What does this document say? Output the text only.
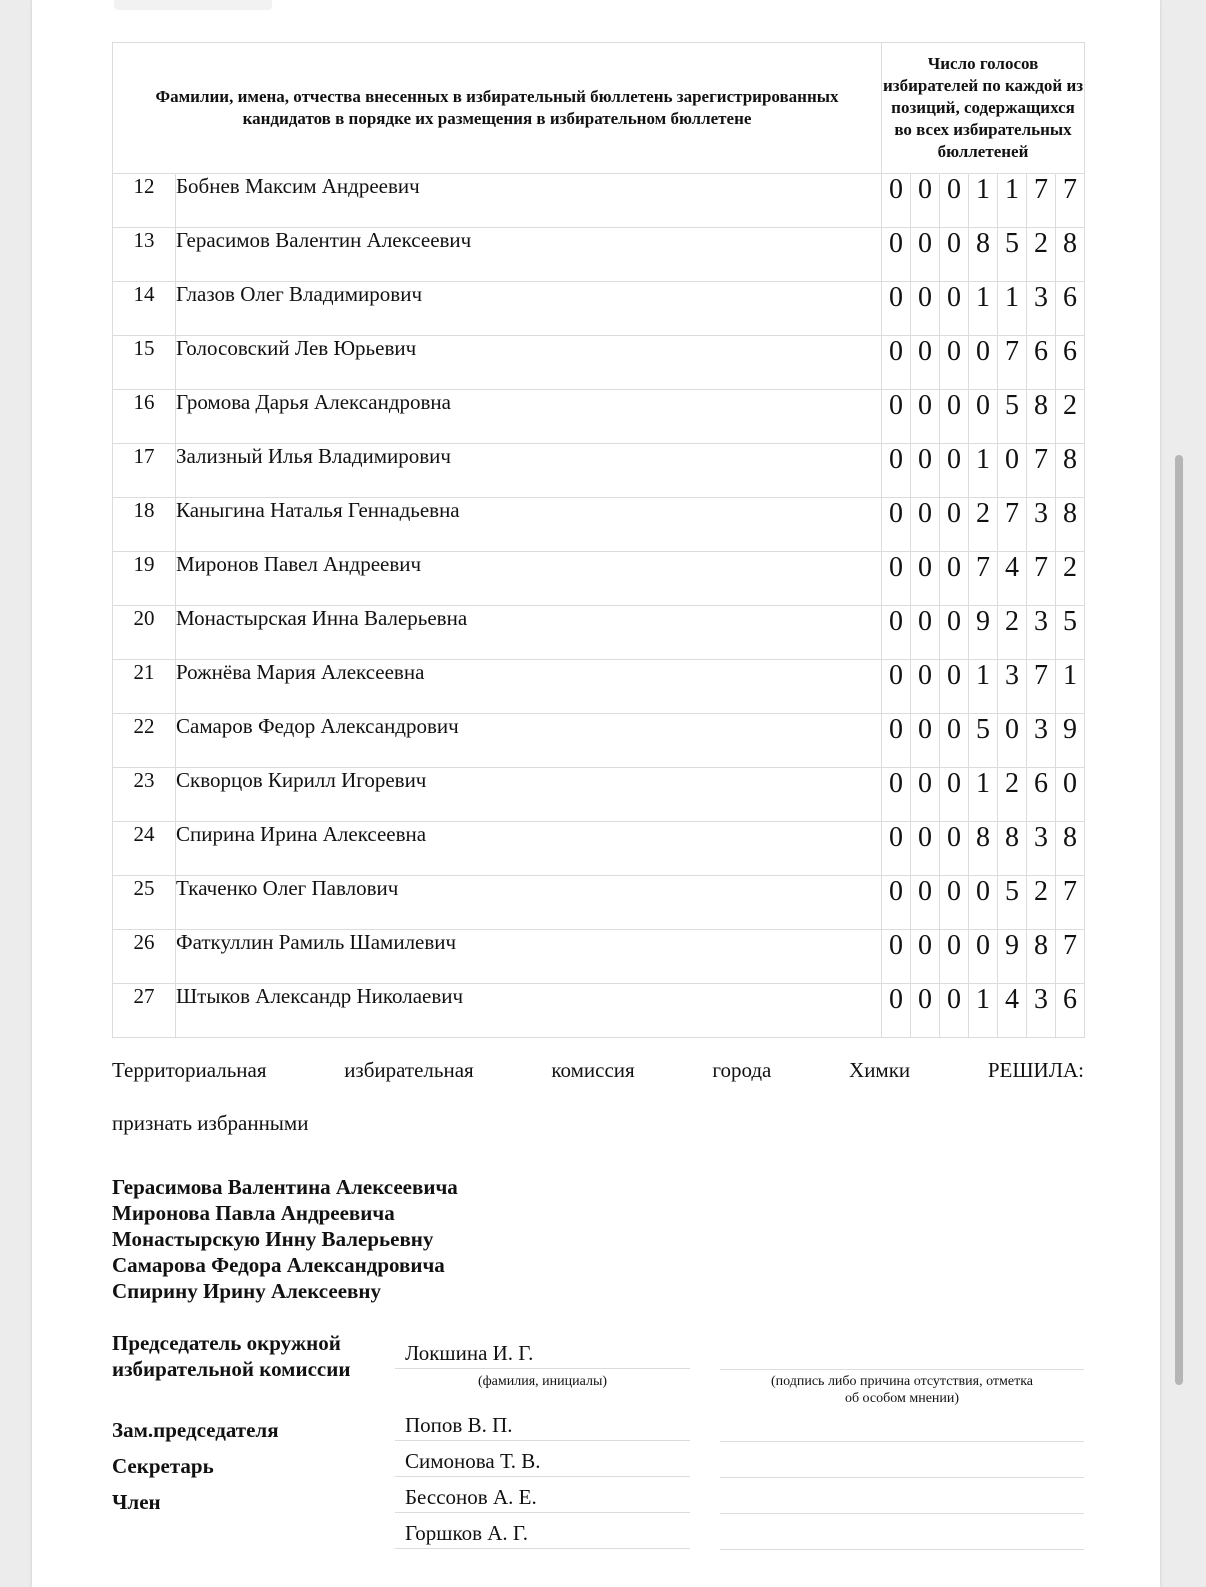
Фамилии, имена, отчества внесенных в избирательный бюллетень зарегистрированных кандидатов в порядке их размещения в избирательном бюллетене		Число голосов избирателей по каждой из позиций, содержащихся во всех избирательных бюллетеней						
12	Бобнев Максим Андреевич	0	0	0	1	1	7	7
13	Герасимов Валентин Алексеевич	0	0	0	8	5	2	8
14	Глазов Олег Владимирович	0	0	0	1	1	3	6
15	Голосовский Лев Юрьевич	0	0	0	0	7	6	6
16	Громова Дарья Александровна	0	0	0	0	5	8	2
17	Зализный Илья Владимирович	0	0	0	1	0	7	8
18	Каныгина Наталья Геннадьевна	0	0	0	2	7	3	8
19	Миронов Павел Андреевич	0	0	0	7	4	7	2
20	Монастырская Инна Валерьевна	0	0	0	9	2	3	5
21	Рожнёва Мария Алексеевна	0	0	0	1	3	7	1
22	Самаров Федор Александрович	0	0	0	5	0	3	9
23	Скворцов Кирилл Игоревич	0	0	0	1	2	6	0
24	Спирина Ирина Алексеевна	0	0	0	8	8	3	8
25	Ткаченко Олег Павлович	0	0	0	0	5	2	7
26	Фаткуллин Рамиль Шамилевич	0	0	0	0	9	8	7
27	Штыков Александр Николаевич	0	0	0	1	4	3	6
Территориальная	избирательная	комиссия	города	Химки	РЕШИЛА:
признать избранными
Герасимова Валентина Алексеевича
Миронова Павла Андреевича
Монастырскую Инну Валерьевну
Самарова Федора Александровича
Спирину Ирину Алексеевну
Председатель окружной
избирательной комиссии
Локшина И. Г.
(фамилия, инициалы)	(подпись либо причина отсутствия, отметка
об особом мнении)
Зам.председателя	Попов В. П.
Секретарь	Симонова Т. В.
Член	Бессонов А. Е.
Горшков А. Г.
